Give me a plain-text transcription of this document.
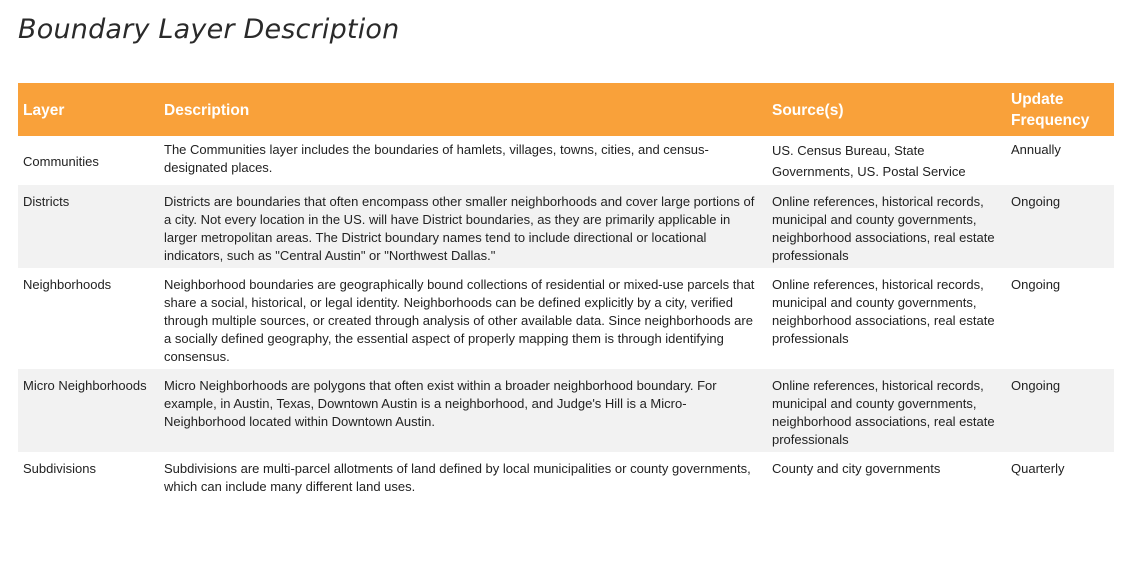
Boundary Layer Description
Layer	Description	Source(s)	Update Frequency
Communities	The Communities layer includes the boundaries of hamlets, villages, towns, cities, and census-designated places.	US. Census Bureau, State Governments, US. Postal Service	Annually
Districts	Districts are boundaries that often encompass other smaller neighborhoods and cover large portions of a city. Not every location in the US. will have District boundaries, as they are primarily applicable in larger metropolitan areas. The District boundary names tend to include directional or locational indicators, such as "Central Austin" or "Northwest Dallas."	Online references, historical records, municipal and county governments, neighborhood associations, real estate professionals	Ongoing
Neighborhoods	Neighborhood boundaries are geographically bound collections of residential or mixed-use parcels that share a social, historical, or legal identity. Neighborhoods can be defined explicitly by a city, verified through multiple sources, or created through analysis of other available data. Since neighborhoods are a socially defined geography, the essential aspect of properly mapping them is through identifying consensus.	Online references, historical records, municipal and county governments, neighborhood associations, real estate professionals	Ongoing
Micro Neighborhoods	Micro Neighborhoods are polygons that often exist within a broader neighborhood boundary. For example, in Austin, Texas, Downtown Austin is a neighborhood, and Judge's Hill is a Micro-Neighborhood located within Downtown Austin.	Online references, historical records, municipal and county governments, neighborhood associations, real estate professionals	Ongoing
Subdivisions	Subdivisions are multi-parcel allotments of land defined by local municipalities or county governments, which can include many different land uses.	County and city governments	Quarterly
